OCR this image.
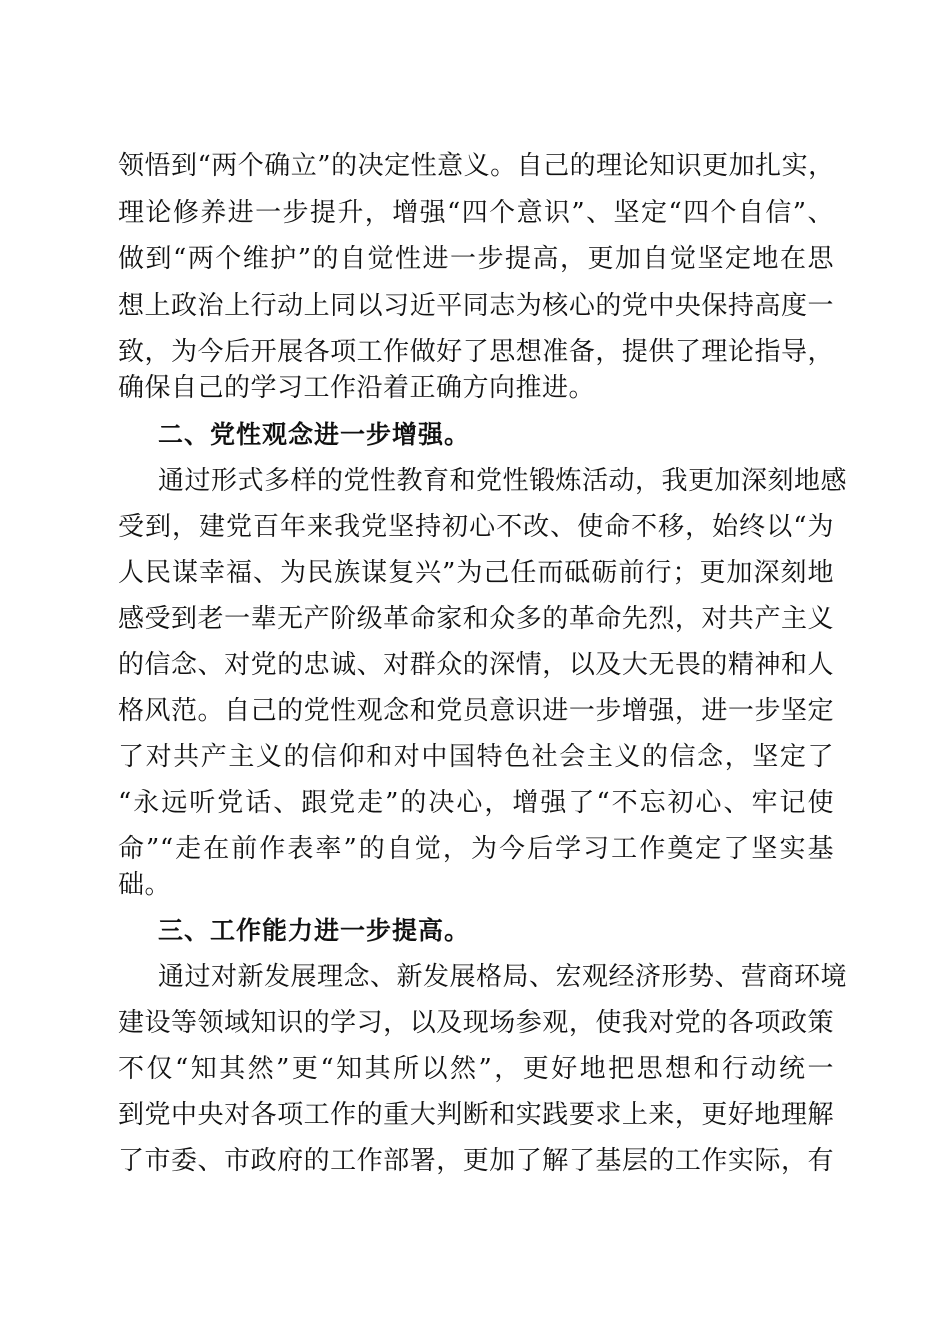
领悟到“两个确立”的决定性意义。自己的理论知识更加扎实，
理论修养进一步提升，增强“四个意识”、坚定“四个自信”、
做到“两个维护”的自觉性进一步提高，更加自觉坚定地在思
想上政治上行动上同以习近平同志为核心的党中央保持高度一
致，为今后开展各项工作做好了思想准备，提供了理论指导，
确保自己的学习工作沿着正确方向推进。
二、党性观念进一步增强。
通过形式多样的党性教育和党性锻炼活动，我更加深刻地感
受到，建党百年来我党坚持初心不改、使命不移，始终以“为
人民谋幸福、为民族谋复兴”为己任而砥砺前行；更加深刻地
感受到老一辈无产阶级革命家和众多的革命先烈，对共产主义
的信念、对党的忠诚、对群众的深情，以及大无畏的精神和人
格风范。自己的党性观念和党员意识进一步增强，进一步坚定
了对共产主义的信仰和对中国特色社会主义的信念，坚定了
“永远听党话、跟党走”的决心，增强了“不忘初心、牢记使
命”“走在前作表率”的自觉，为今后学习工作奠定了坚实基
础。
三、工作能力进一步提高。
通过对新发展理念、新发展格局、宏观经济形势、营商环境
建设等领域知识的学习，以及现场参观，使我对党的各项政策
不仅“知其然”更“知其所以然”，更好地把思想和行动统一
到党中央对各项工作的重大判断和实践要求上来，更好地理解
了市委、市政府的工作部署，更加了解了基层的工作实际，有
